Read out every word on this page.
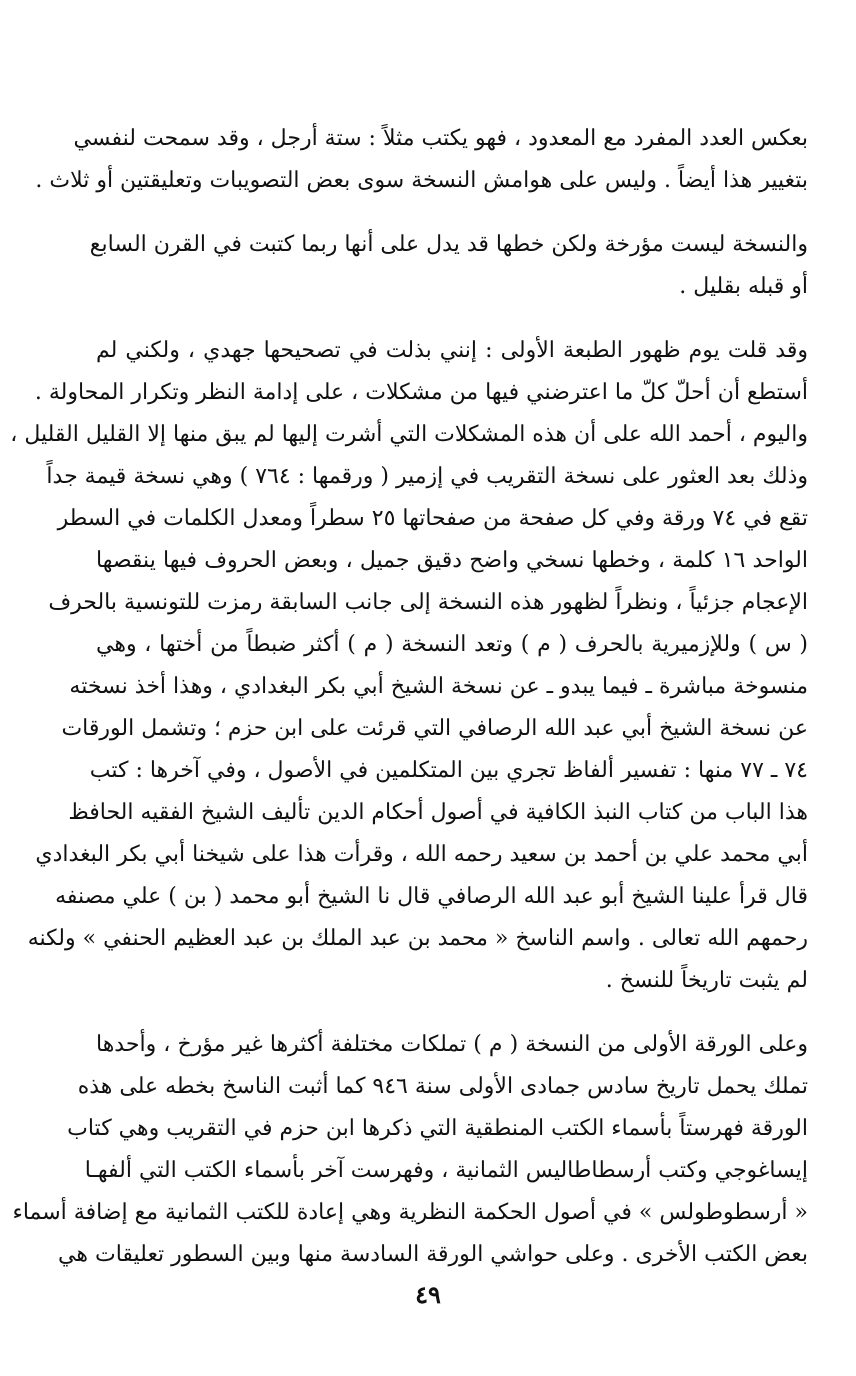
بعكس العدد المفرد مع المعدود ، فهو يكتب مثلاً : ستة أرجل ، وقد سمحت لنفسي
بتغيير هذا أيضاً . وليس على هوامش النسخة سوى بعض التصويبات وتعليقتين أو ثلاث .
والنسخة ليست مؤرخة ولكن خطها قد يدل على أنها ربما كتبت في القرن السابع
أو قبله بقليل .
وقد قلت يوم ظهور الطبعة الأولى : إنني بذلت في تصحيحها جهدي ، ولكني لم
أستطع أن أحلّ كلّ ما اعترضني فيها من مشكلات ، على إدامة النظر وتكرار المحاولة .
واليوم ، أحمد الله على أن هذه المشكلات التي أشرت إليها لم يبق منها إلا القليل القليل ،
وذلك بعد العثور على نسخة التقريب في إزمير ( ورقمها : ٧٦٤ ) وهي نسخة قيمة جداً
تقع في ٧٤ ورقة وفي كل صفحة من صفحاتها ٢٥ سطراً ومعدل الكلمات في السطر
الواحد ١٦ كلمة ، وخطها نسخي واضح دقيق جميل ، وبعض الحروف فيها ينقصها
الإعجام جزئياً ، ونظراً لظهور هذه النسخة إلى جانب السابقة رمزت للتونسية بالحرف
( س ) وللإزميرية بالحرف ( م ) وتعد النسخة ( م ) أكثر ضبطاً من أختها ، وهي
منسوخة مباشرة ـ فيما يبدو ـ عن نسخة الشيخ أبي بكر البغدادي ، وهذا أخذ نسخته
عن نسخة الشيخ أبي عبد الله الرصافي التي قرئت على ابن حزم ؛ وتشمل الورقات
٧٤ ـ ٧٧ منها : تفسير ألفاظ تجري بين المتكلمين في الأصول ، وفي آخرها : كتب
هذا الباب من كتاب النبذ الكافية في أصول أحكام الدين تأليف الشيخ الفقيه الحافظ
أبي محمد علي بن أحمد بن سعيد رحمه الله ، وقرأت هذا على شيخنا أبي بكر البغدادي
قال قرأ علينا الشيخ أبو عبد الله الرصافي قال نا الشيخ أبو محمد ( بن ) علي مصنفه
رحمهم الله تعالى . واسم الناسخ « محمد بن عبد الملك بن عبد العظيم الحنفي » ولكنه
لم يثبت تاريخاً للنسخ .
وعلى الورقة الأولى من النسخة ( م ) تملكات مختلفة أكثرها غير مؤرخ ، وأحدها
تملك يحمل تاريخ سادس جمادى الأولى سنة ٩٤٦ كما أثبت الناسخ بخطه على هذه
الورقة فهرستاً بأسماء الكتب المنطقية التي ذكرها ابن حزم في التقريب وهي كتاب
إيساغوجي وكتب أرسطاطاليس الثمانية ، وفهرست آخر بأسماء الكتب التي ألفهـا
« أرسطوطولس » في أصول الحكمة النظرية وهي إعادة للكتب الثمانية مع إضافة أسماء
بعض الكتب الأخرى . وعلى حواشي الورقة السادسة منها وبين السطور تعليقات هي
٤٩
